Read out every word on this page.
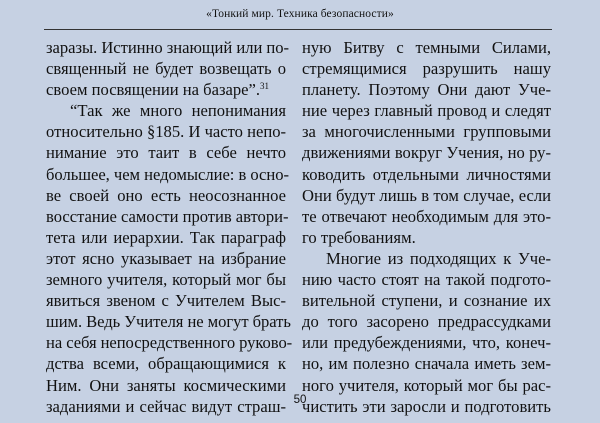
«Тонкий мир. Техника безопасности»
заразы. Истинно знающий или по-
священный не будет возвещать о
своем посвящении на базаре”.$^{31}$
“Так же много непонимания
относительно §185. И часто непо-
нимание это таит в себе нечто
большее, чем недомыслие: в осно-
ве своей оно есть неосознанное
восстание самости против автори-
тета или иерархии. Так параграф
этот ясно указывает на избрание
земного учителя, который мог бы
явиться звеном с Учителем Выс-
шим. Ведь Учителя не могут брать
на себя непосредственного руково-
дства всеми, обращающимися к
Ним. Они заняты космическими
заданиями и сейчас видут страш-
ную Битву с темными Силами,
стремящимися разрушить нашу
планету. Поэтому Они дают Уче-
ние через главный провод и следят
за многочисленными групповыми
движениями вокруг Учения, но ру-
ководить отдельными личностями
Они будут лишь в том случае, если
те отвечают необходимым для это-
го требованиям.
Многие из подходящих к Уче-
нию часто стоят на такой подгото-
вительной ступени, и сознание их
до того засорено предрассудками
или предубеждениями, что, конеч-
но, им полезно сначала иметь зем-
ного учителя, который мог бы рас-
чистить эти заросли и подготовить
50
